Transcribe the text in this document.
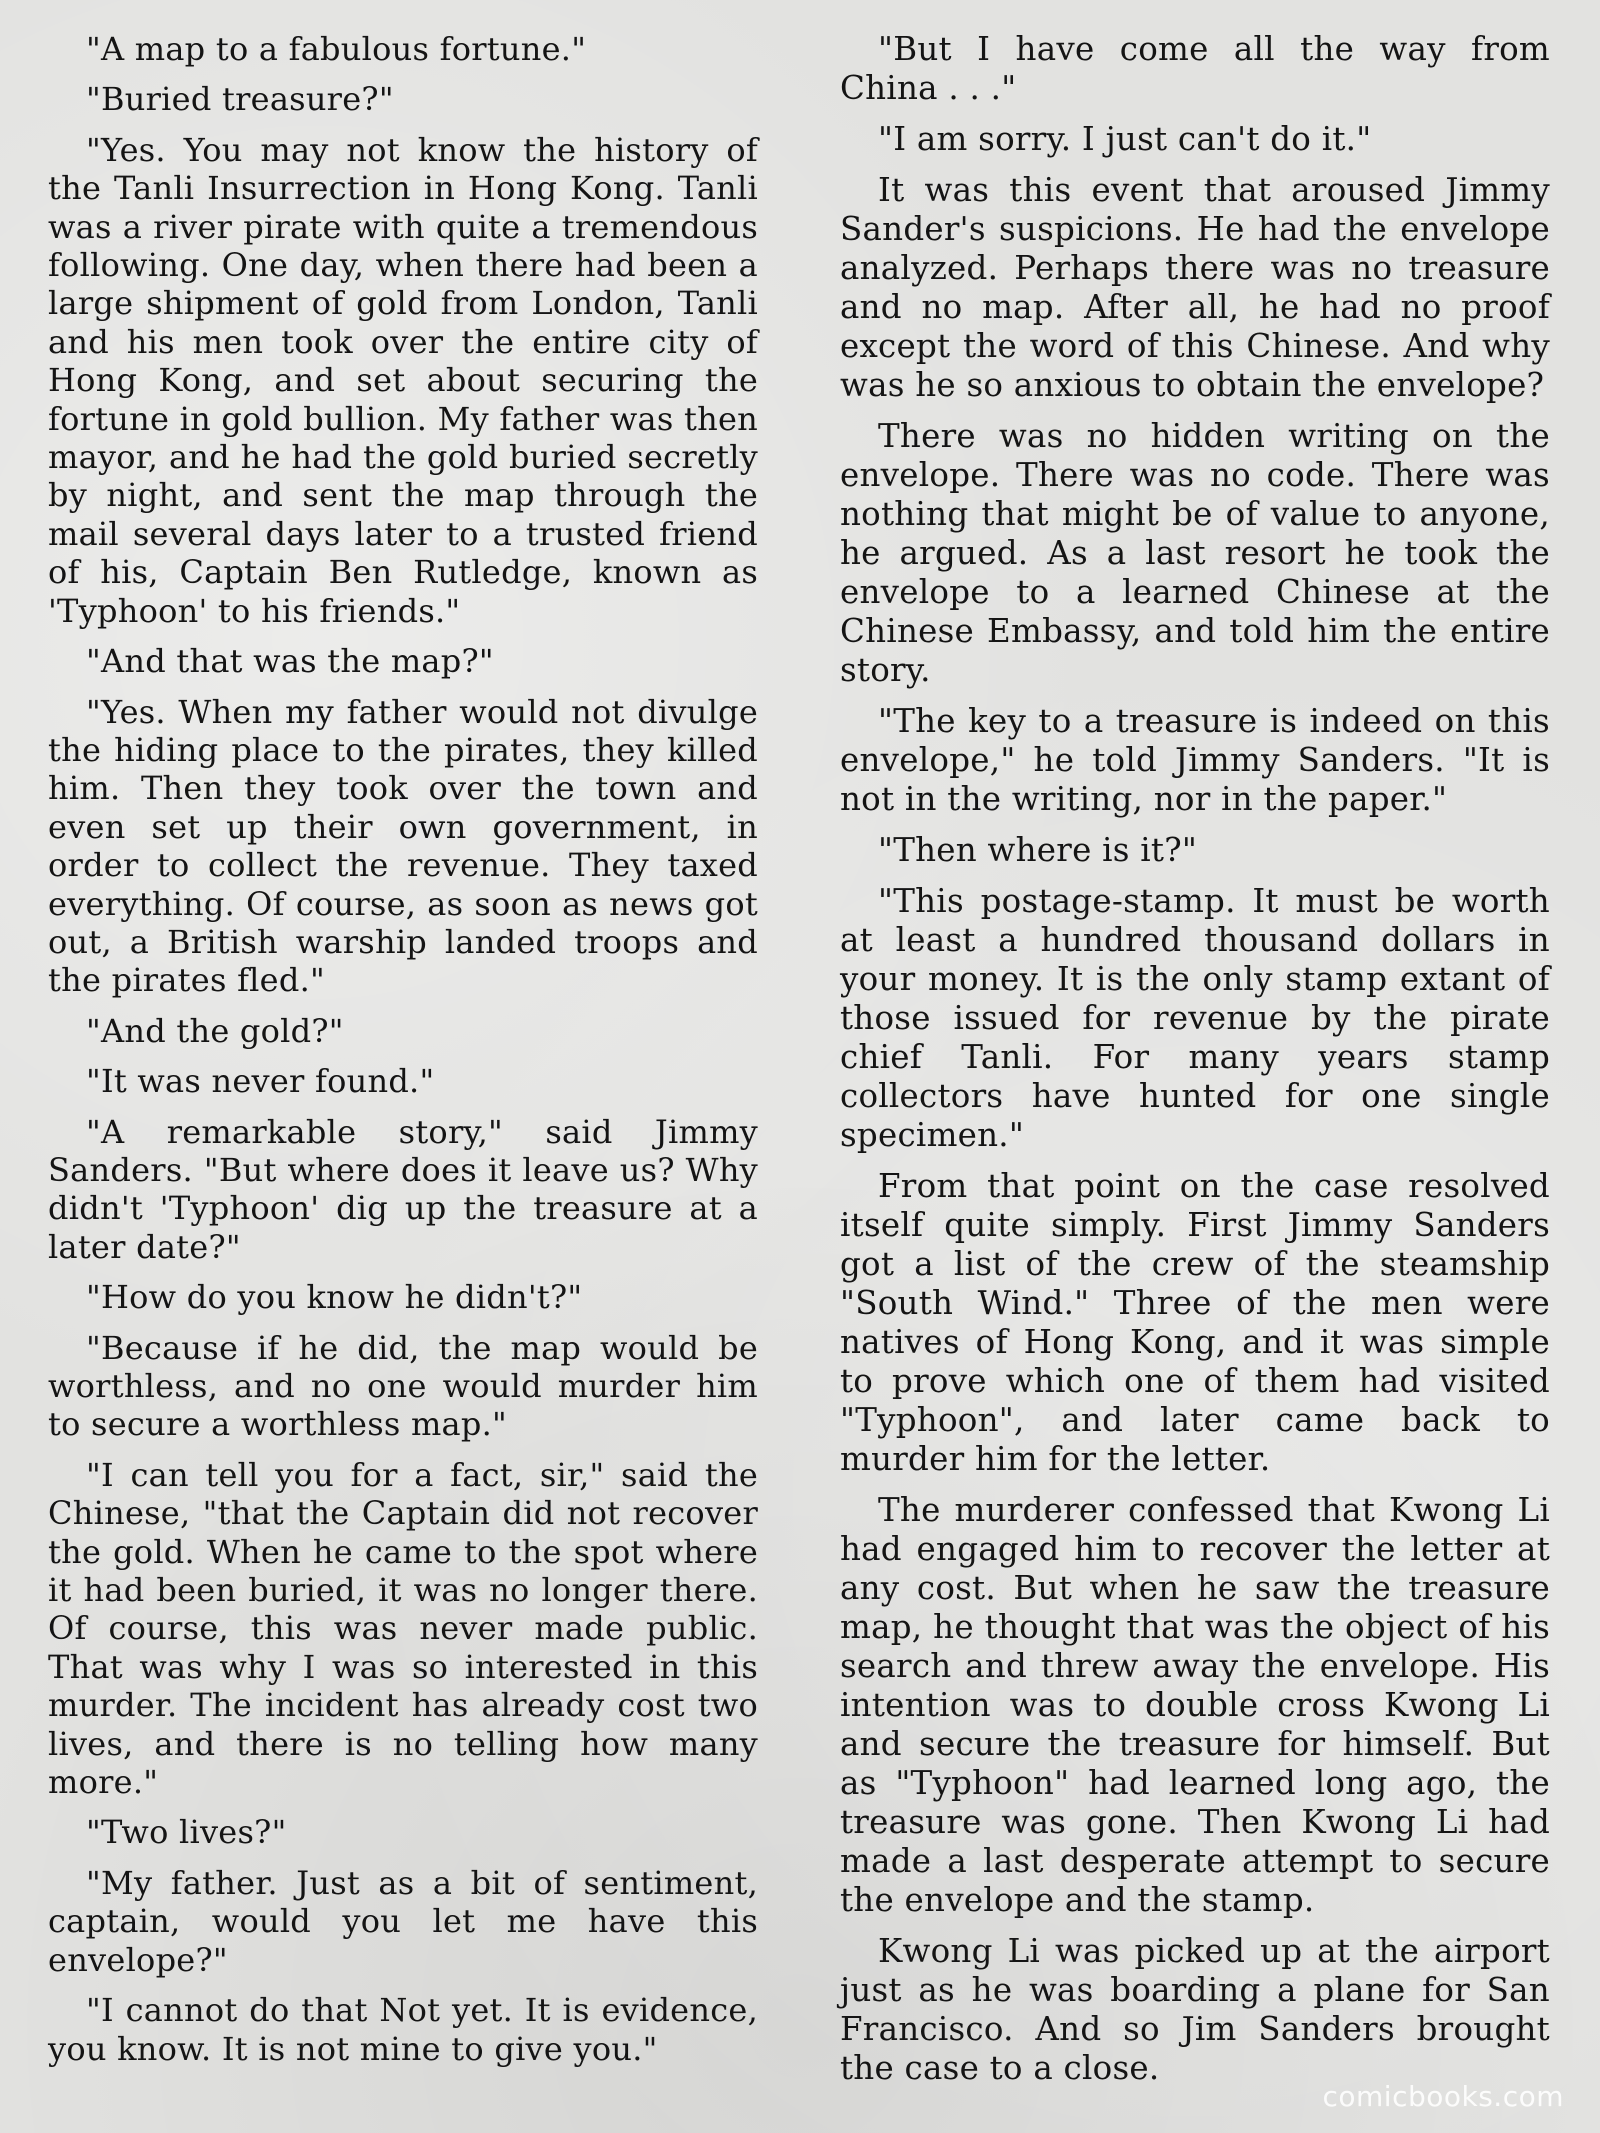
"A map to a fabulous fortune."

"Buried treasure?"

"Yes. You may not know the history of the Tanli Insurrection in Hong Kong. Tanli was a river pirate with quite a tremendous following. One day, when there had been a large shipment of gold from London, Tanli and his men took over the entire city of Hong Kong, and set about securing the fortune in gold bullion. My father was then mayor, and he had the gold buried secretly by night, and sent the map through the mail several days later to a trusted friend of his, Captain Ben Rutledge, known as 'Typhoon' to his friends."

"And that was the map?"

"Yes. When my father would not divulge the hiding place to the pirates, they killed him. Then they took over the town and even set up their own government, in order to collect the revenue. They taxed everything. Of course, as soon as news got out, a British warship landed troops and the pirates fled."

"And the gold?"

"It was never found."

"A remarkable story," said Jimmy Sanders. "But where does it leave us? Why didn't 'Typhoon' dig up the treasure at a later date?"

"How do you know he didn't?"

"Because if he did, the map would be worthless, and no one would murder him to secure a worthless map."

"I can tell you for a fact, sir," said the Chinese, "that the Captain did not recover the gold. When he came to the spot where it had been buried, it was no longer there. Of course, this was never made public. That was why I was so interested in this murder. The incident has already cost two lives, and there is no telling how many more."

"Two lives?"

"My father. Just as a bit of sentiment, captain, would you let me have this envelope?"

"I cannot do that Not yet. It is evidence, you know. It is not mine to give you."

"But I have come all the way from China . . ."

"I am sorry. I just can't do it."

It was this event that aroused Jimmy Sander's suspicions. He had the envelope analyzed. Perhaps there was no treasure and no map. After all, he had no proof except the word of this Chinese. And why was he so anxious to obtain the envelope?

There was no hidden writing on the envelope. There was no code. There was nothing that might be of value to anyone, he argued. As a last resort he took the envelope to a learned Chinese at the Chinese Embassy, and told him the entire story.

"The key to a treasure is indeed on this envelope," he told Jimmy Sanders. "It is not in the writing, nor in the paper."

"Then where is it?"

"This postage-stamp. It must be worth at least a hundred thousand dollars in your money. It is the only stamp extant of those issued for revenue by the pirate chief Tanli. For many years stamp collectors have hunted for one single specimen."

From that point on the case resolved itself quite simply. First Jimmy Sanders got a list of the crew of the steamship "South Wind." Three of the men were natives of Hong Kong, and it was simple to prove which one of them had visited "Typhoon", and later came back to murder him for the letter.

The murderer confessed that Kwong Li had engaged him to recover the letter at any cost. But when he saw the treasure map, he thought that was the object of his search and threw away the envelope. His intention was to double cross Kwong Li and secure the treasure for himself. But as "Typhoon" had learned long ago, the treasure was gone. Then Kwong Li had made a last desperate attempt to secure the envelope and the stamp.

Kwong Li was picked up at the airport just as he was boarding a plane for San Francisco. And so Jim Sanders brought the case to a close.

comicbooks.com
